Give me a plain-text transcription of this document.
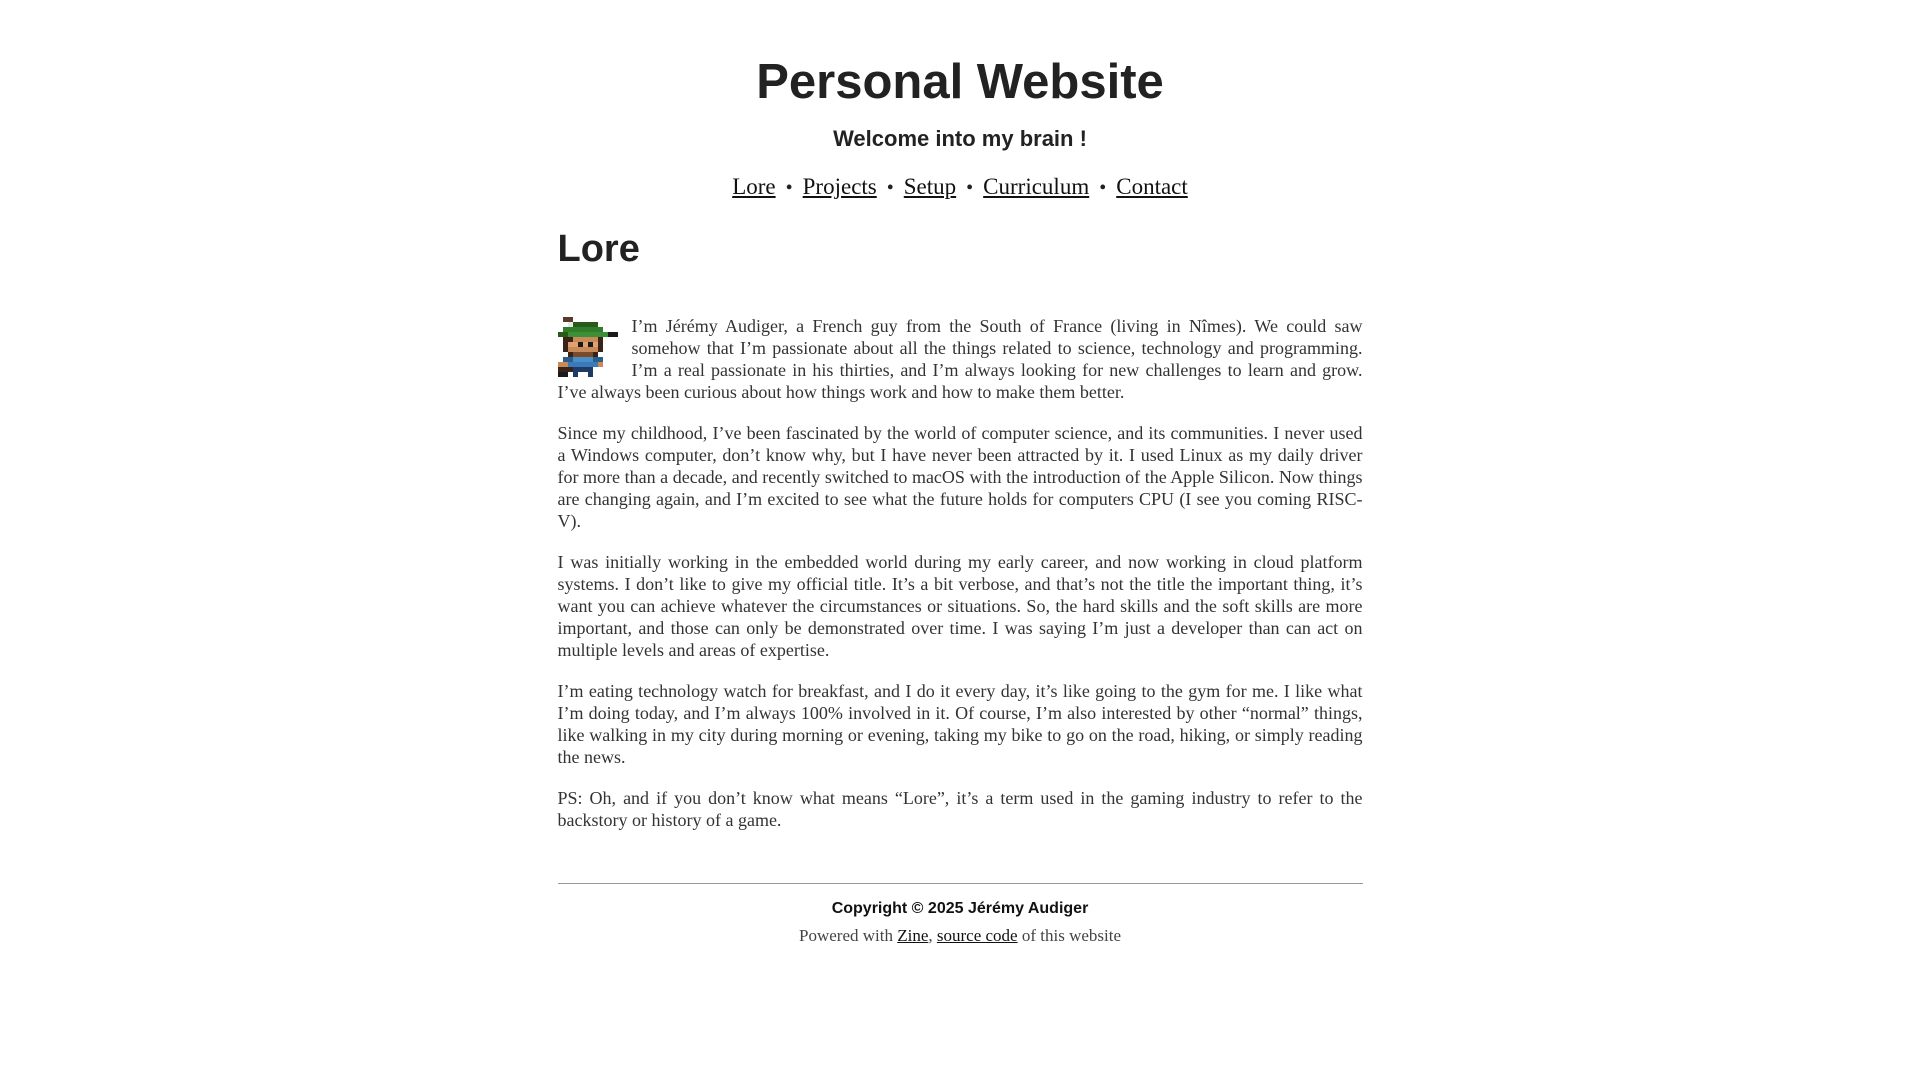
Personal Website
Welcome into my brain !
Lore • Projects • Setup • Curriculum • Contact
Lore

I’m Jérémy Audiger, a French guy from the South of France (living in Nîmes). We could saw somehow that I’m passionate about all the things related to science, technology and programming. I’m a real passionate in his thirties, and I’m always looking for new challenges to learn and grow. I’ve always been curious about how things work and how to make them better.

Since my childhood, I’ve been fascinated by the world of computer science, and its communities. I never used a Windows computer, don’t know why, but I have never been attracted by it. I used Linux as my daily driver for more than a decade, and recently switched to macOS with the introduction of the Apple Silicon. Now things are changing again, and I’m excited to see what the future holds for computers CPU (I see you coming RISC-V).

I was initially working in the embedded world during my early career, and now working in cloud platform systems. I don’t like to give my official title. It’s a bit verbose, and that’s not the title the important thing, it’s want you can achieve whatever the circumstances or situations. So, the hard skills and the soft skills are more important, and those can only be demonstrated over time. I was saying I’m just a developer than can act on multiple levels and areas of expertise.

I’m eating technology watch for breakfast, and I do it every day, it’s like going to the gym for me. I like what I’m doing today, and I’m always 100% involved in it. Of course, I’m also interested by other “normal” things, like walking in my city during morning or evening, taking my bike to go on the road, hiking, or simply reading the news.

PS: Oh, and if you don’t know what means “Lore”, it’s a term used in the gaming industry to refer to the backstory or history of a game.

Copyright © 2025 Jérémy Audiger

Powered with Zine, source code of this website
